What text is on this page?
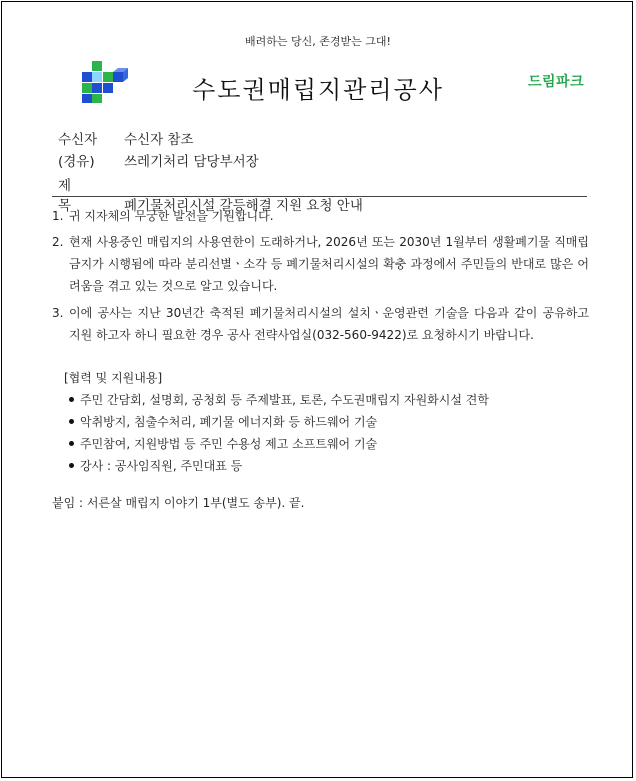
배려하는 당신, 존경받는 그대!
수도권매립지관리공사	드림파크
수신자 수신자 참조
(경유) 쓰레기처리 담당부서장
제 목	폐기물처리시설 갈등해결 지원 요청 안내
1. 귀 지자체의 무궁한 발전을 기원합니다.
2. 현재 사용중인 매립지의 사용연한이 도래하거나, 2026년 또는 2030년 1월부터 생활폐기물 직매립 금지가 시행됨에 따라 분리선별ㆍ소각 등 폐기물처리시설의 확충 과정에서 주민들의 반대로 많은 어려움을 겪고 있는 것으로 알고 있습니다.
3. 이에 공사는 지난 30년간 축적된 폐기물처리시설의 설치ㆍ운영관련 기술을 다음과 같이 공유하고 지원 하고자 하니 필요한 경우 공사 전략사업실(032-560-9422)로 요청하시기 바랍니다.
[협력 및 지원내용]
주민 간담회, 설명회, 공청회 등 주제발표, 토론, 수도권매립지 자원화시설 견학
악취방지, 침출수처리, 폐기물 에너지화 등 하드웨어 기술
주민참여, 지원방법 등 주민 수용성 제고 소프트웨어 기술
강사 : 공사임직원, 주민대표 등
붙임 : 서른살 매립지 이야기 1부(별도 송부). 끝.
